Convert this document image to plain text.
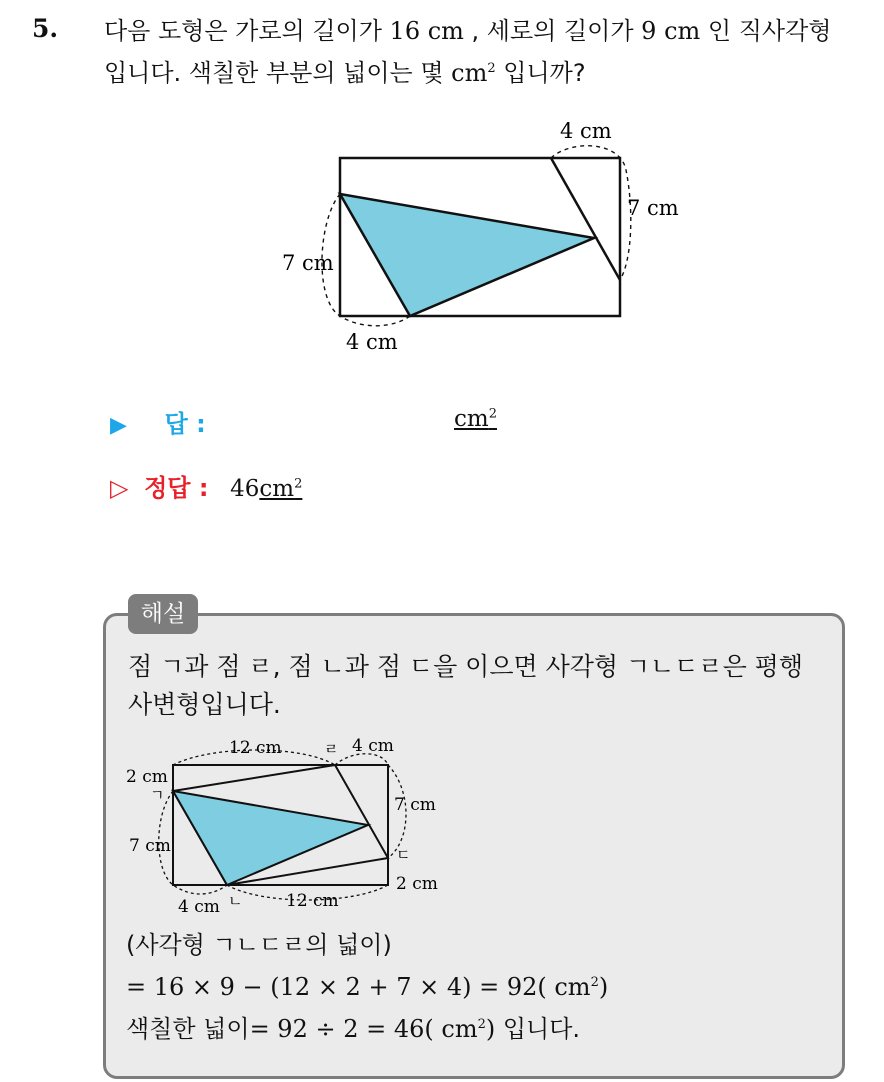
5. 다음 도형은 가로의 길이가 16 cm , 세로의 길이가 9 cm 인 직사각형
입니다. 색칠한 부분의 넓이는 몇 $cm^2$ 입니까?
4 cm
7 cm
7 cm
4 cm
▶ 답 :	$cm^2$
▷ 정답 : $46cm^2$
해설
점 ㄱ과 점 ㄹ, 점 ㄴ과 점 ㄷ을 이으면 사각형 ㄱㄴㄷㄹ은 평행
사변형입니다.
12 cm	ㄹ 4 cm
2 cm
ㄱ	7 cm
7 cm	ㄷ
2 cm
4 cm ㄴ	12 cm
(사각형 ㄱㄴㄷㄹ의 넓이)
= 16 × 9 − (12 × 2 + 7 × 4) = 92( $cm^2$)
색칠한 넓이= 92 ÷ 2 = 46( $cm^2$) 입니다.
